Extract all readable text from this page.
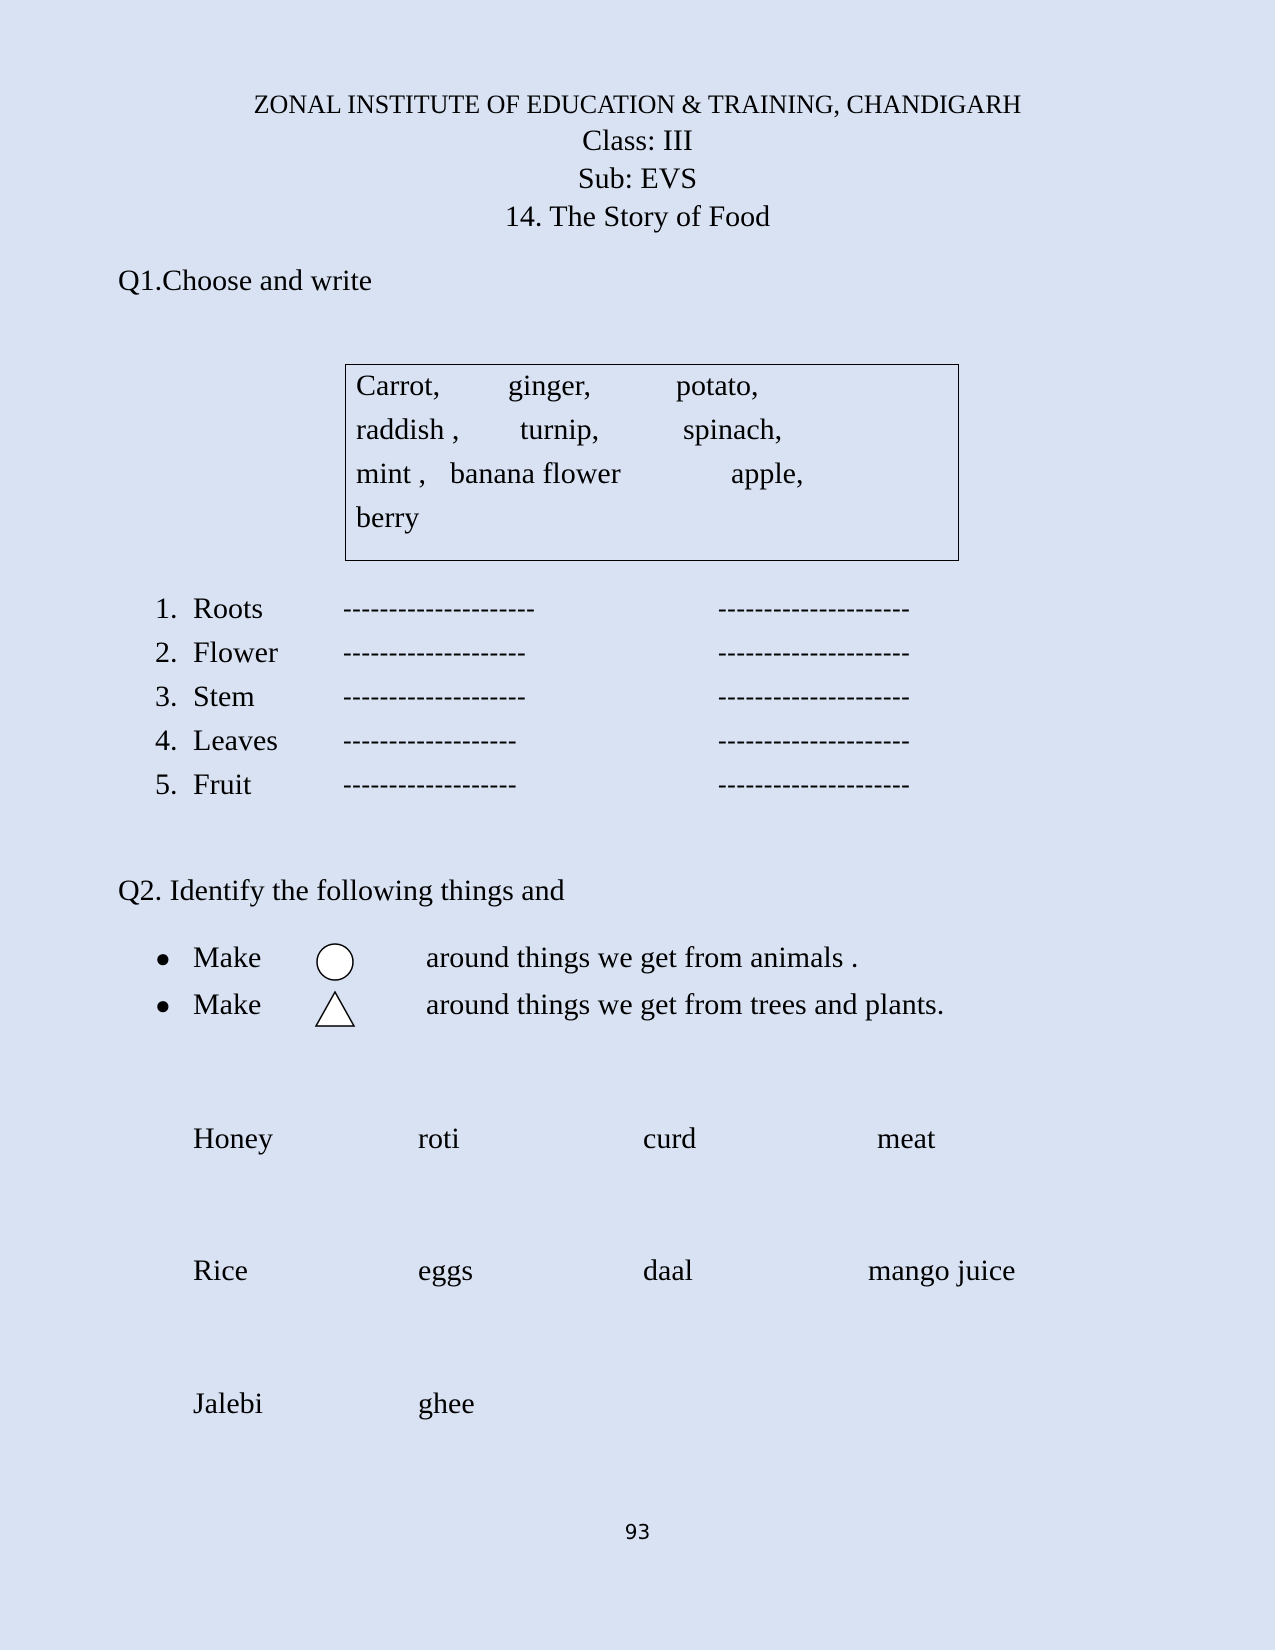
ZONAL INSTITUTE OF EDUCATION & TRAINING, CHANDIGARH
Class: III
Sub: EVS
14. The Story of Food
Q1.Choose and write
Carrot, ginger,	potato,
raddish , turnip,	spinach,
mint , banana flower	apple,
berry
1. Roots	---------------------	---------------------
2. Flower	--------------------	---------------------
3. Stem	--------------------	---------------------
4. Leaves	-------------------	---------------------
5. Fruit	-------------------	---------------------
Q2. Identify the following things and
● Make	around things we get from animals .
● Make	around things we get from trees and plants.
Honey	roti	curd	meat
Rice	eggs	daal	mango juice
Jalebi	ghee
93
